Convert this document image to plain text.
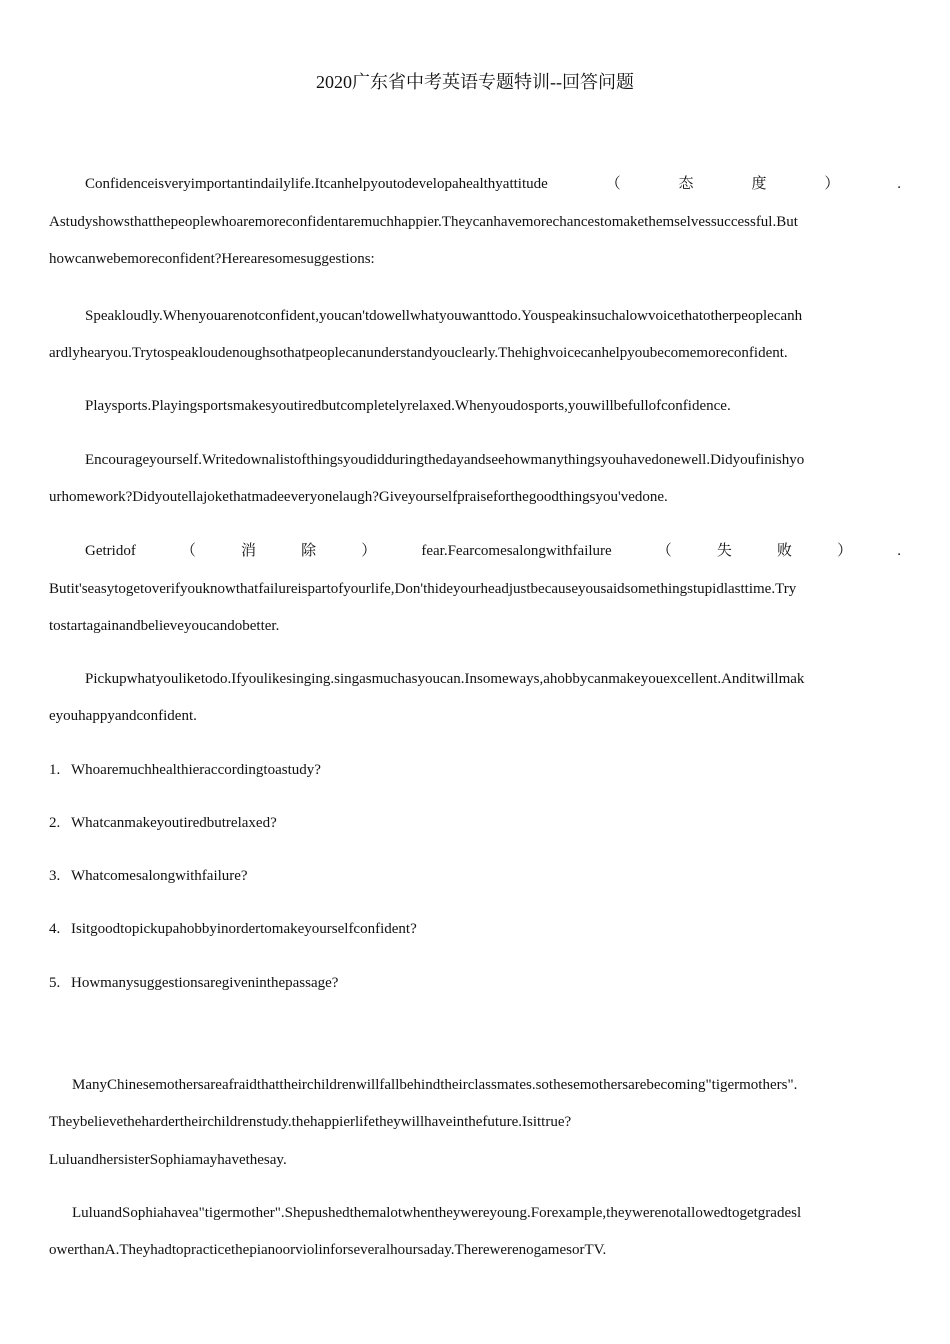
2020广东省中考英语专题特训--回答问题
Confidenceisveryimportantindailylife.Itcanhelpyoutodevelopahealthyattitude	（	态	度	）	.
Astudyshowsthatthepeoplewhoaremoreconfidentaremuchhappier.Theycanhavemorechancestomakethemselvessuccessful.But
howcanwebemoreconfident?Herearesomesuggestions:
Speakloudly.Whenyouarenotconfident,youcan'tdowellwhatyouwanttodo.Youspeakinsuchalowvoicethatotherpeoplecanh
ardlyhearyou.Trytospeakloudenoughsothatpeoplecanunderstandyouclearly.Thehighvoicecanhelpyoubecomemoreconfident.
Playsports.Playingsportsmakesyoutiredbutcompletelyrelaxed.Whenyoudosports,youwillbefullofconfidence.
Encourageyourself.Writedownalistofthingsyoudidduringthedayandseehowmanythingsyouhavedonewell.Didyoufinishyo
urhomework?Didyoutellajokethatmadeeveryonelaugh?Giveyourselfpraiseforthegoodthingsyou'vedone.
Getridof	（	消	除	）	fear.Fearcomesalongwithfailure	（	失	败	）	.
Butit'seasytogetoverifyouknowthatfailureispartofyourlife,Don'thideyourheadjustbecauseyousaidsomethingstupidlasttime.Try
tostartagainandbelieveyoucandobetter.
Pickupwhatyouliketodo.Ifyoulikesinging.singasmuchasyoucan.Insomeways,ahobbycanmakeyouexcellent.Anditwillmak
eyouhappyandconfident.
1. Whoaremuchhealthieraccordingtoastudy?
2. Whatcanmakeyoutiredbutrelaxed?
3. Whatcomesalongwithfailure?
4. Isitgoodtopickupahobbyinordertomakeyourselfconfident?
5. Howmanysuggestionsaregiveninthepassage?
ManyChinesemothersareafraidthattheirchildrenwillfallbehindtheirclassmates.sothesemothersarebecoming"tigermothers".
Theybelievethehardertheirchildrenstudy.thehappierlifetheywillhaveinthefuture.Isittrue?
LuluandhersisterSophiamayhavethesay.
LuluandSophiahavea"tigermother".Shepushedthemalotwhentheywereyoung.Forexample,theywerenotallowedtogetgradesl
owerthanA.Theyhadtopracticethepianoorviolinforseveralhoursaday.TherewerenogamesorTV.
